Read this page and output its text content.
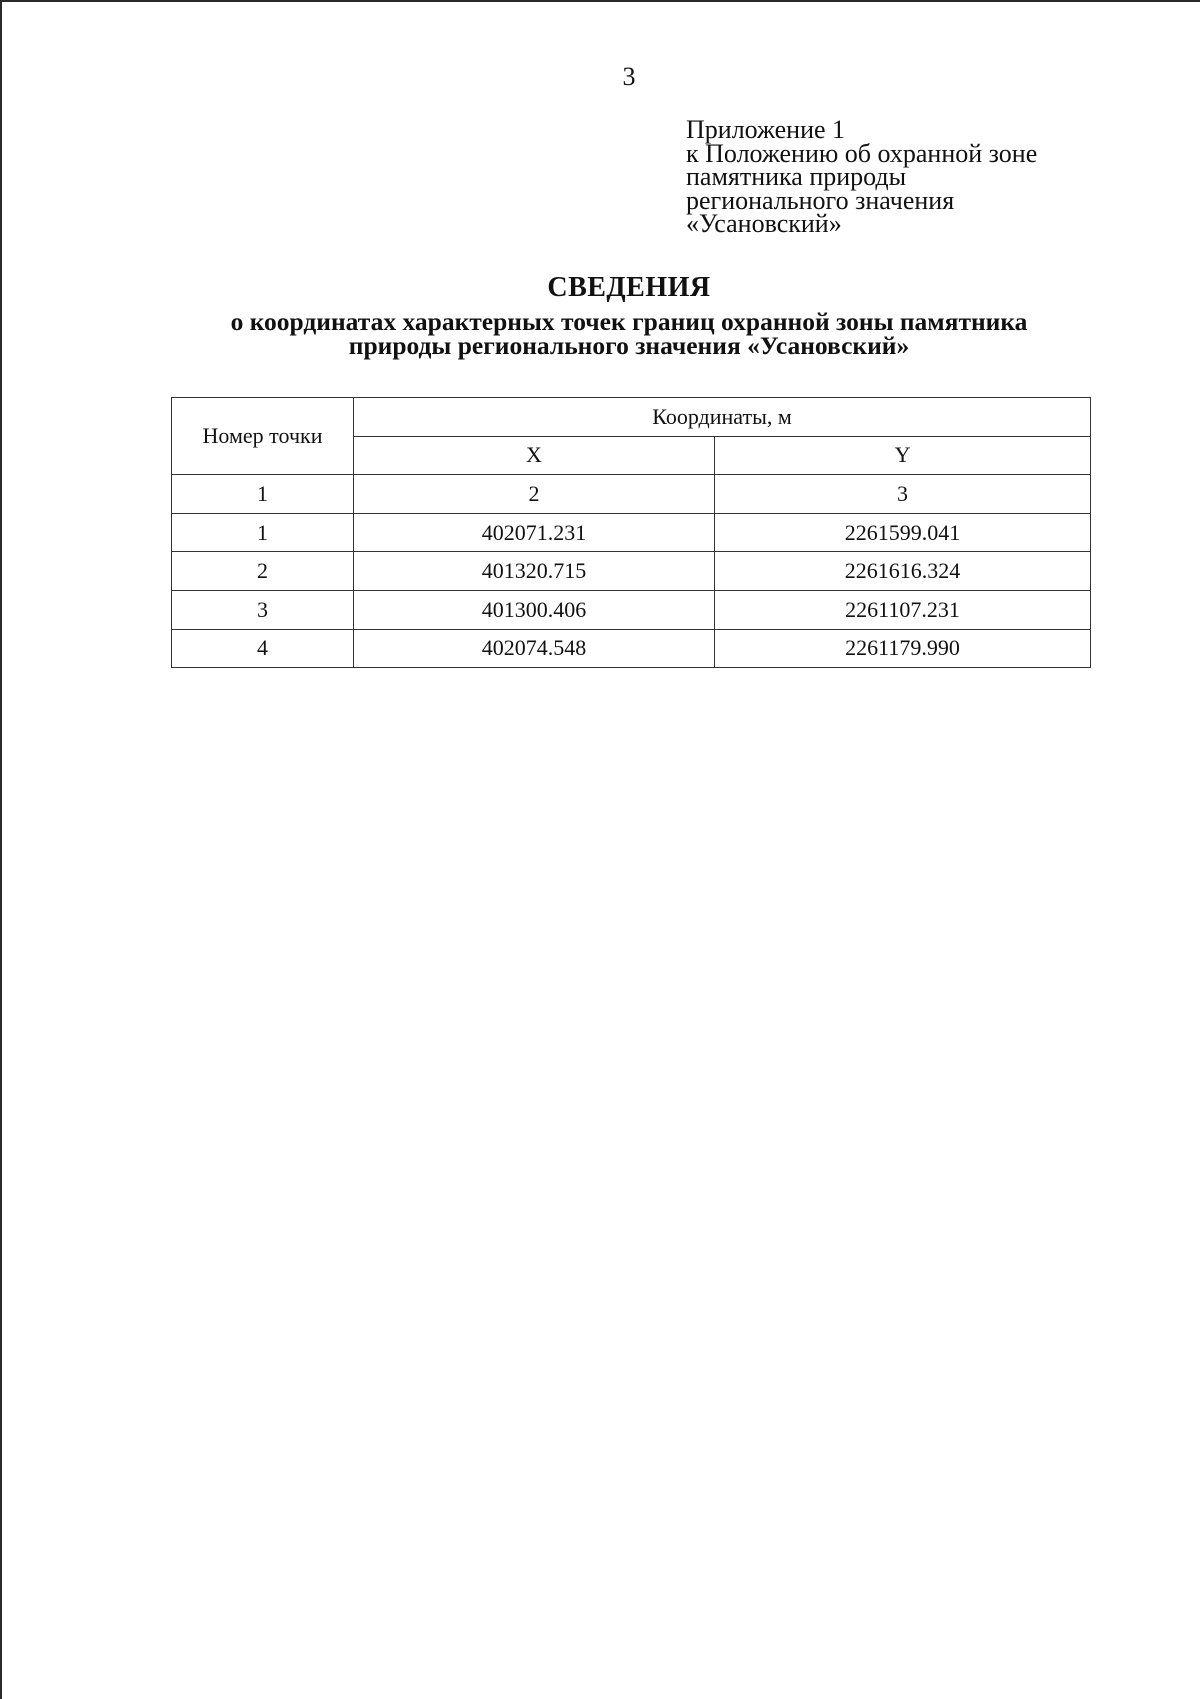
3
Приложение 1
к Положению об охранной зоне
памятника природы
регионального значения
«Усановский»
СВЕДЕНИЯ
о координатах характерных точек границ охранной зоны памятника
природы регионального значения «Усановский»
Номер точки	Координаты, м	
	X	Y
1	2	3
1	402071.231	2261599.041
2	401320.715	2261616.324
3	401300.406	2261107.231
4	402074.548	2261179.990
